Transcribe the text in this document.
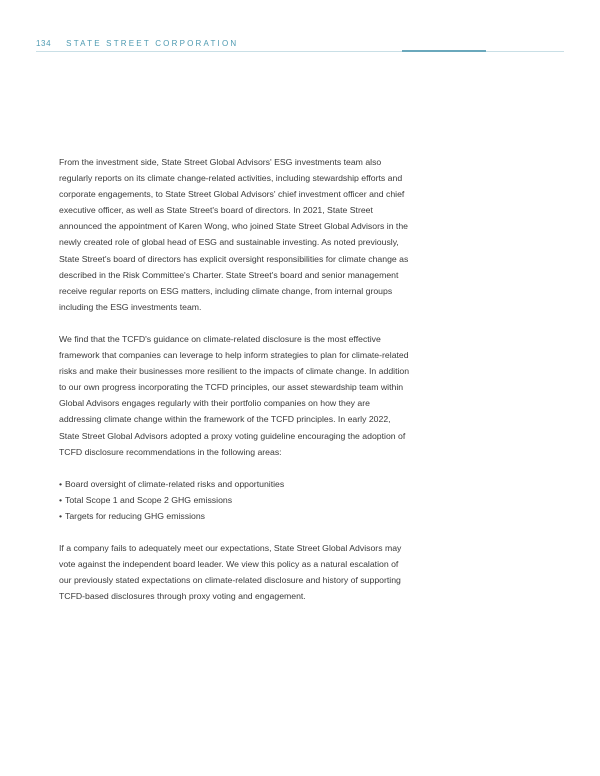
134 STATE STREET CORPORATION

From the investment side, State Street Global Advisors' ESG investments team also regularly reports on its climate change-related activities, including stewardship efforts and corporate engagements, to State Street Global Advisors' chief investment officer and chief executive officer, as well as State Street's board of directors. In 2021, State Street announced the appointment of Karen Wong, who joined State Street Global Advisors in the newly created role of global head of ESG and sustainable investing. As noted previously, State Street's board of directors has explicit oversight responsibilities for climate change as described in the Risk Committee's Charter. State Street's board and senior management receive regular reports on ESG matters, including climate change, from internal groups including the ESG investments team.

We find that the TCFD's guidance on climate-related disclosure is the most effective framework that companies can leverage to help inform strategies to plan for climate-related risks and make their businesses more resilient to the impacts of climate change. In addition to our own progress incorporating the TCFD principles, our asset stewardship team within Global Advisors engages regularly with their portfolio companies on how they are addressing climate change within the framework of the TCFD principles. In early 2022, State Street Global Advisors adopted a proxy voting guideline encouraging the adoption of TCFD disclosure recommendations in the following areas:

• Board oversight of climate-related risks and opportunities
• Total Scope 1 and Scope 2 GHG emissions
• Targets for reducing GHG emissions

If a company fails to adequately meet our expectations, State Street Global Advisors may vote against the independent board leader. We view this policy as a natural escalation of our previously stated expectations on climate-related disclosure and history of supporting TCFD-based disclosures through proxy voting and engagement.
